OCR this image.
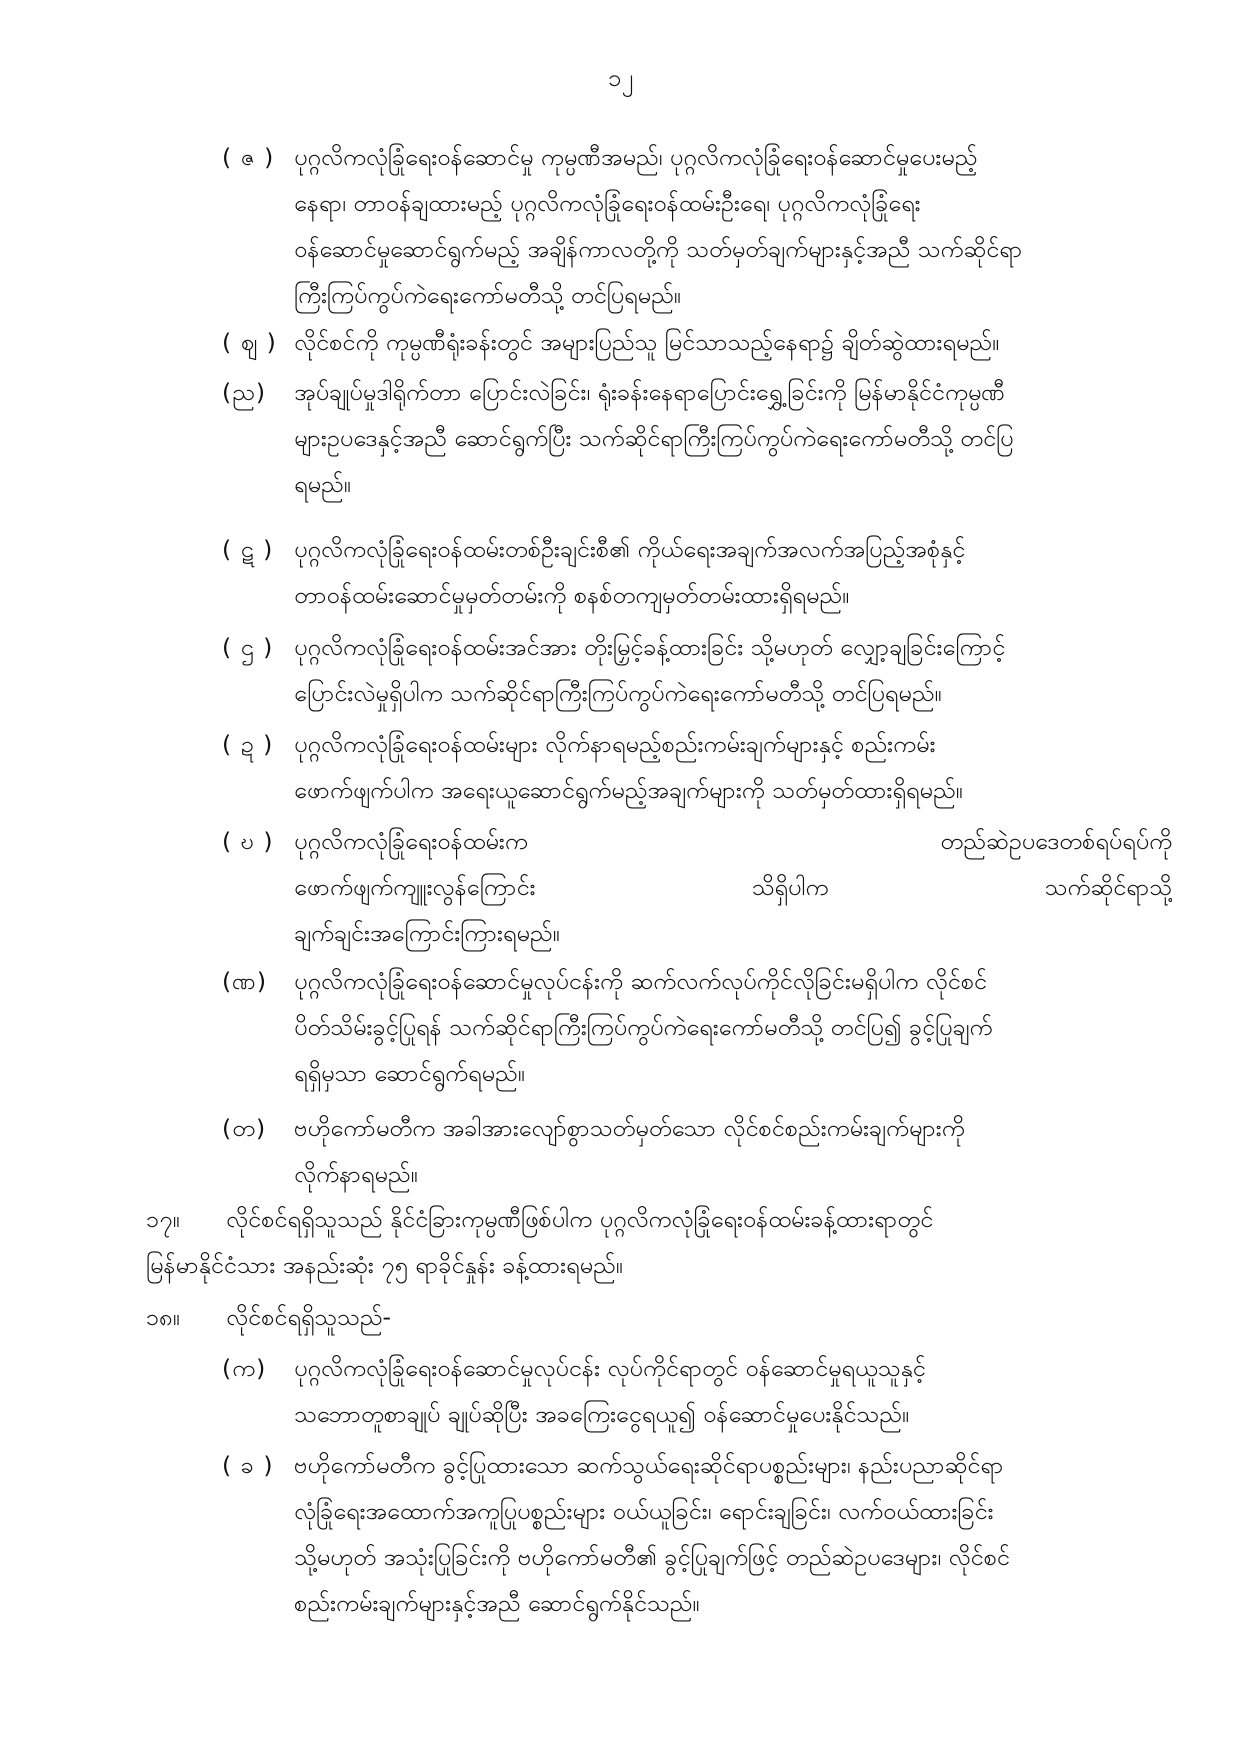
၁၂
( ဇ ) ပုဂ္ဂလိကလုံခြုံရေးဝန်ဆောင်မှု ကုမ္ပဏီအမည်၊ ပုဂ္ဂလိကလုံခြုံရေးဝန်ဆောင်မှုပေးမည့်
နေရာ၊ တာဝန်ချထားမည့် ပုဂ္ဂလိကလုံခြုံရေးဝန်ထမ်းဦးရေ၊ ပုဂ္ဂလိကလုံခြုံရေး
ဝန်ဆောင်မှုဆောင်ရွက်မည့် အချိန်ကာလတို့ကို သတ်မှတ်ချက်များနှင့်အညီ သက်ဆိုင်ရာ
ကြီးကြပ်ကွပ်ကဲရေးကော်မတီသို့ တင်ပြရမည်။
( ဈ ) လိုင်စင်ကို ကုမ္ပဏီရုံးခန်းတွင် အများပြည်သူ မြင်သာသည့်နေရာ၌ ချိတ်ဆွဲထားရမည်။
(ည)	အုပ်ချုပ်မှုဒါရိုက်တာ ပြောင်းလဲခြင်း၊ ရုံးခန်းနေရာပြောင်းရွှေ့ခြင်းကို မြန်မာနိုင်ငံကုမ္ပဏီ
များဥပဒေနှင့်အညီ ဆောင်ရွက်ပြီး သက်ဆိုင်ရာကြီးကြပ်ကွပ်ကဲရေးကော်မတီသို့ တင်ပြ
ရမည်။
( ဋ ) ပုဂ္ဂလိကလုံခြုံရေးဝန်ထမ်းတစ်ဦးချင်းစီ၏ ကိုယ်ရေးအချက်အလက်အပြည့်အစုံနှင့်
တာဝန်ထမ်းဆောင်မှုမှတ်တမ်းကို စနစ်တကျမှတ်တမ်းထားရှိရမည်။
( ဌ ) ပုဂ္ဂလိကလုံခြုံရေးဝန်ထမ်းအင်အား တိုးမြှင့်ခန့်ထားခြင်း သို့မဟုတ် လျှော့ချခြင်းကြောင့်
ပြောင်းလဲမှုရှိပါက သက်ဆိုင်ရာကြီးကြပ်ကွပ်ကဲရေးကော်မတီသို့ တင်ပြရမည်။
( ဍ ) ပုဂ္ဂလိကလုံခြုံရေးဝန်ထမ်းများ လိုက်နာရမည့်စည်းကမ်းချက်များနှင့် စည်းကမ်း
ဖောက်ဖျက်ပါက အရေးယူဆောင်ရွက်မည့်အချက်များကို သတ်မှတ်ထားရှိရမည်။
( ဎ ) ပုဂ္ဂလိကလုံခြုံရေးဝန်ထမ်းက	တည်ဆဲဥပဒေတစ်ရပ်ရပ်ကို
ဖောက်ဖျက်ကျူးလွန်ကြောင်း	သိရှိပါက	သက်ဆိုင်ရာသို့
ချက်ချင်းအကြောင်းကြားရမည်။
(ဏ)	ပုဂ္ဂလိကလုံခြုံရေးဝန်ဆောင်မှုလုပ်ငန်းကို ဆက်လက်လုပ်ကိုင်လိုခြင်းမရှိပါက လိုင်စင်
ပိတ်သိမ်းခွင့်ပြုရန် သက်ဆိုင်ရာကြီးကြပ်ကွပ်ကဲရေးကော်မတီသို့ တင်ပြ၍ ခွင့်ပြုချက်
ရရှိမှသာ ဆောင်ရွက်ရမည်။
(တ)	ဗဟိုကော်မတီက အခါအားလျော်စွာသတ်မှတ်သော လိုင်စင်စည်းကမ်းချက်များကို
လိုက်နာရမည်။
၁၇။ လိုင်စင်ရရှိသူသည် နိုင်ငံခြားကုမ္ပဏီဖြစ်ပါက ပုဂ္ဂလိကလုံခြုံရေးဝန်ထမ်းခန့်ထားရာတွင်
မြန်မာနိုင်ငံသား အနည်းဆုံး ၇၅ ရာခိုင်နှုန်း ခန့်ထားရမည်။
၁၈။ လိုင်စင်ရရှိသူသည်-
(က)	ပုဂ္ဂလိကလုံခြုံရေးဝန်ဆောင်မှုလုပ်ငန်း လုပ်ကိုင်ရာတွင် ဝန်ဆောင်မှုရယူသူနှင့်
သဘောတူစာချုပ် ချုပ်ဆိုပြီး အခကြေးငွေရယူ၍ ဝန်ဆောင်မှုပေးနိုင်သည်။
( ခ ) ဗဟိုကော်မတီက ခွင့်ပြုထားသော ဆက်သွယ်ရေးဆိုင်ရာပစ္စည်းများ၊ နည်းပညာဆိုင်ရာ
လုံခြုံရေးအထောက်အကူပြုပစ္စည်းများ ဝယ်ယူခြင်း၊ ရောင်းချခြင်း၊ လက်ဝယ်ထားခြင်း
သို့မဟုတ် အသုံးပြုခြင်းကို ဗဟိုကော်မတီ၏ ခွင့်ပြုချက်ဖြင့် တည်ဆဲဥပဒေများ၊ လိုင်စင်
စည်းကမ်းချက်များနှင့်အညီ ဆောင်ရွက်နိုင်သည်။
